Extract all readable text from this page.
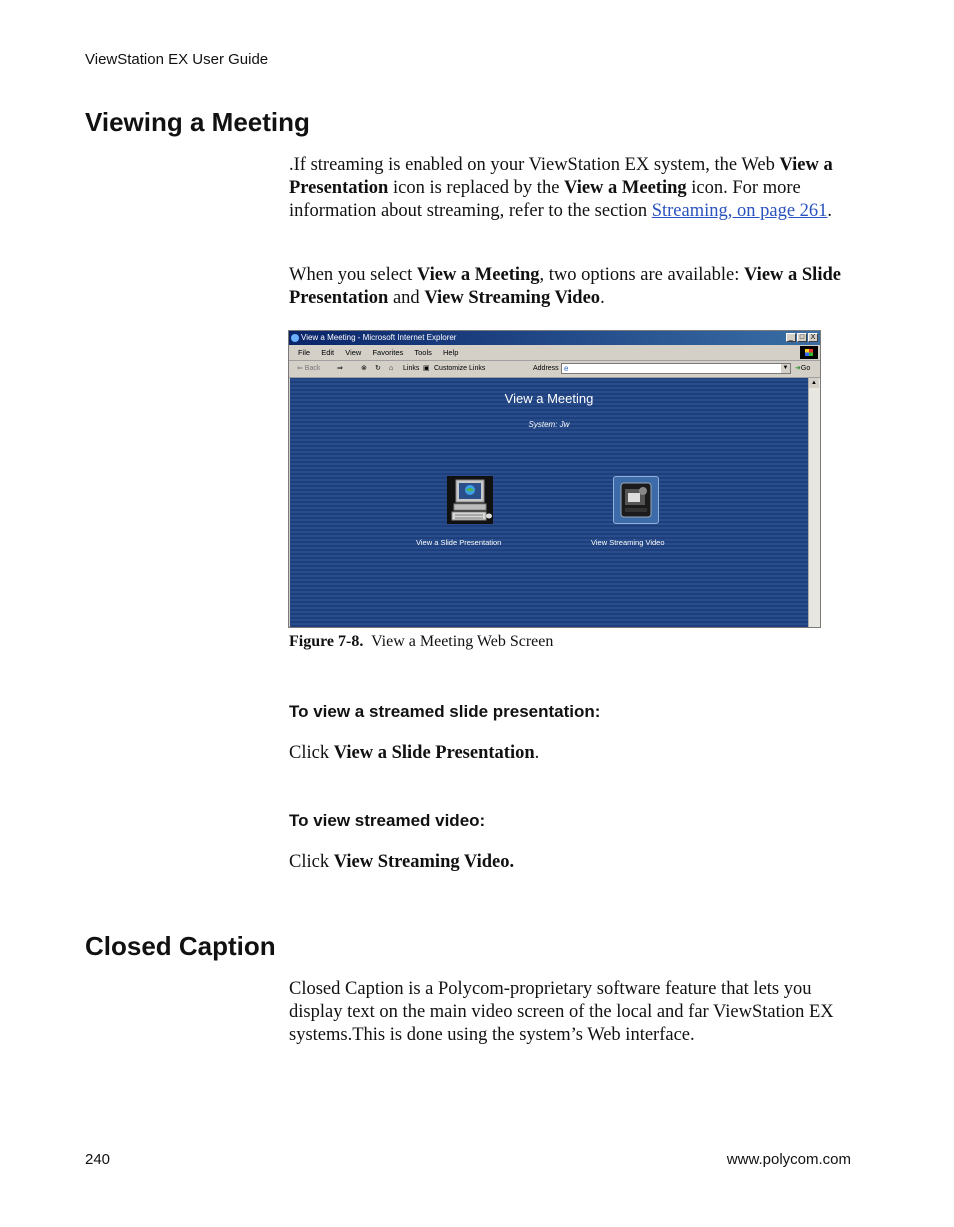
ViewStation EX User Guide
Viewing a Meeting
.If streaming is enabled on your ViewStation EX system, the Web View a Presentation icon is replaced by the View a Meeting icon. For more information about streaming, refer to the section Streaming, on page 261.
When you select View a Meeting, two options are available: View a Slide Presentation and View Streaming Video.
View a Meeting - Microsoft Internet Explorer	_ □ X
File Edit View Favorites Tools Help
⇐ Back ⇒	⊗ ↻ ⌂ Links ▣ Customize Links	Address e	▼ ➔Go
View a Meeting
System: Jw
View a Slide Presentation	View Streaming Video
▲
Figure 7-8. View a Meeting Web Screen
To view a streamed slide presentation:
Click View a Slide Presentation.
To view streamed video:
Click View Streaming Video.
Closed Caption
Closed Caption is a Polycom-proprietary software feature that lets you display text on the main video screen of the local and far ViewStation EX systems.This is done using the system’s Web interface.
240	www.polycom.com
